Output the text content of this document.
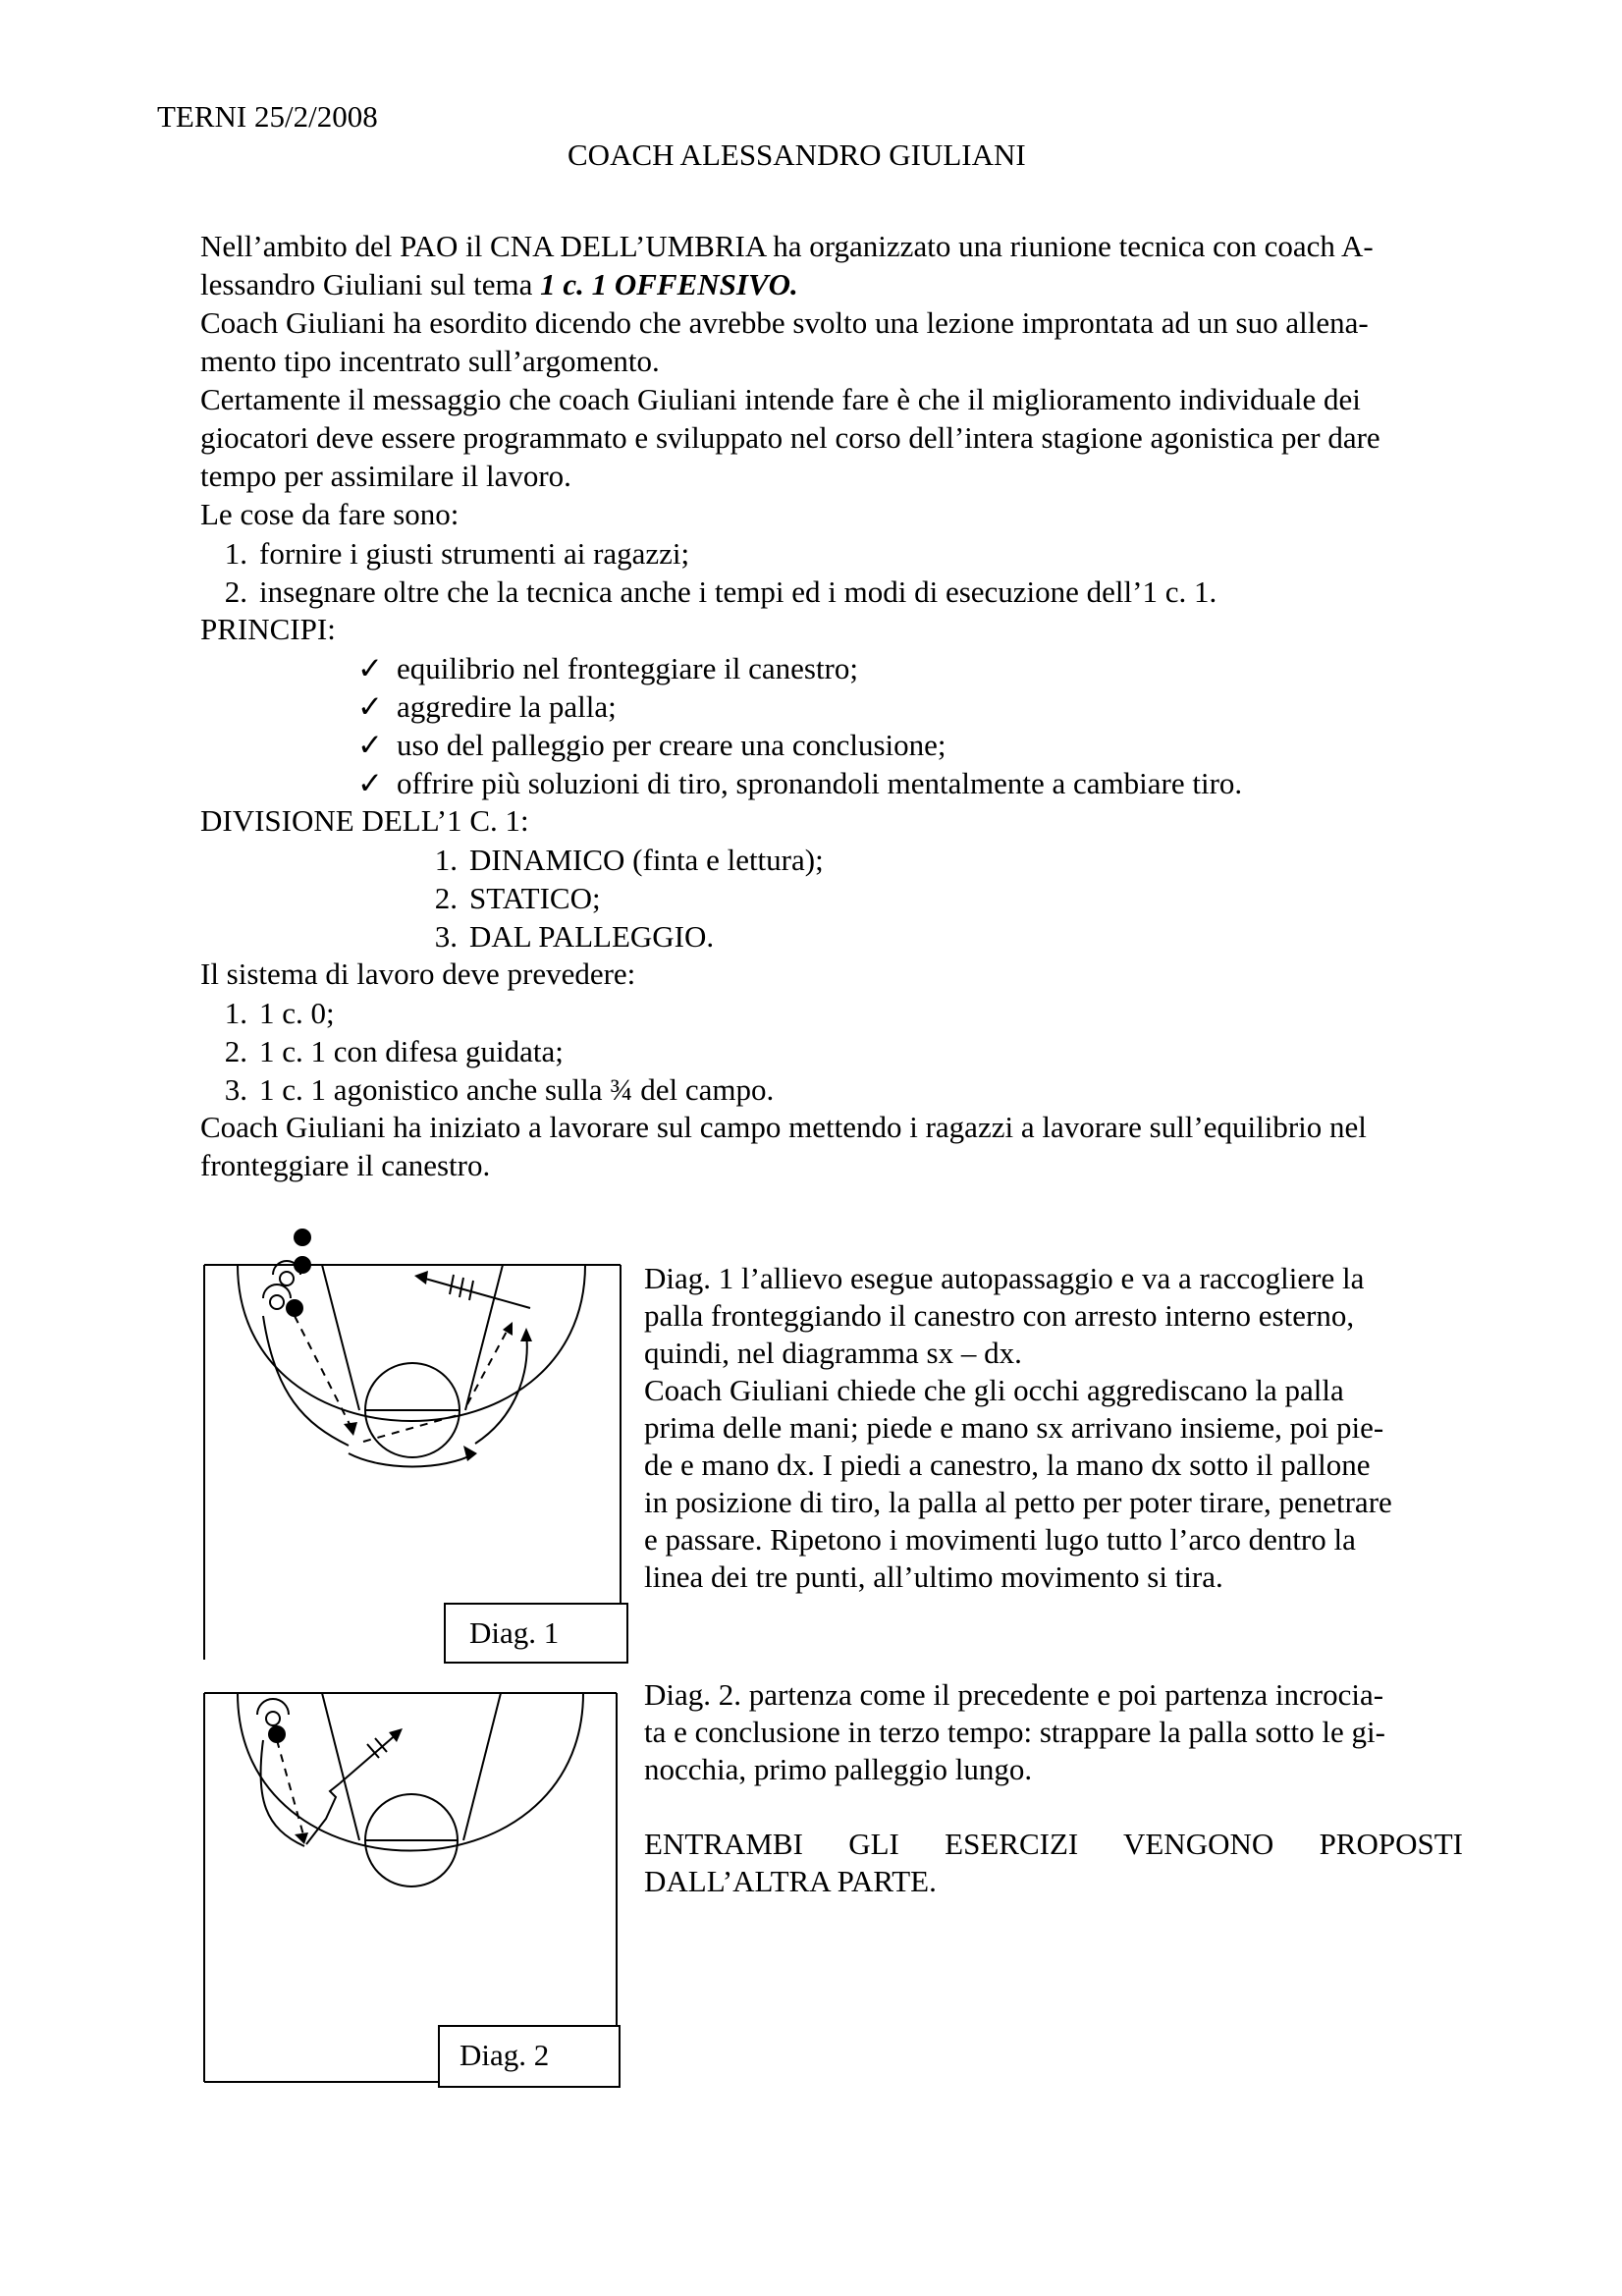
TERNI 25/2/2008
COACH ALESSANDRO GIULIANI
Nell’ambito del PAO il CNA DELL’UMBRIA ha organizzato una riunione tecnica con coach A-
lessandro Giuliani sul tema 1 c. 1 OFFENSIVO.
Coach Giuliani ha esordito dicendo che avrebbe svolto una lezione improntata ad un suo allena-
mento tipo incentrato sull’argomento.
Certamente il messaggio che coach Giuliani intende fare è che il miglioramento individuale dei
giocatori deve essere programmato e sviluppato nel corso dell’intera stagione agonistica per dare
tempo per assimilare il lavoro.
Le cose da fare sono:
1. fornire i giusti strumenti ai ragazzi;
2. insegnare oltre che la tecnica anche i tempi ed i modi di esecuzione dell’1 c. 1.
PRINCIPI:
✓ equilibrio nel fronteggiare il canestro;
✓ aggredire la palla;
✓ uso del palleggio per creare una conclusione;
✓ offrire più soluzioni di tiro, spronandoli mentalmente a cambiare tiro.
DIVISIONE DELL’1 C. 1:
1. DINAMICO (finta e lettura);
2. STATICO;
3. DAL PALLEGGIO.
Il sistema di lavoro deve prevedere:
1. 1 c. 0;
2. 1 c. 1 con difesa guidata;
3. 1 c. 1 agonistico anche sulla ¾ del campo.
Coach Giuliani ha iniziato a lavorare sul campo mettendo i ragazzi a lavorare sull’equilibrio nel
fronteggiare il canestro.
Diag. 1
Diag. 1 l’allievo esegue autopassaggio e va a raccogliere la
palla fronteggiando il canestro con arresto interno esterno,
quindi, nel diagramma sx – dx.
Coach Giuliani chiede che gli occhi aggrediscano la palla
prima delle mani; piede e mano sx arrivano insieme, poi pie-
de e mano dx. I piedi a canestro, la mano dx sotto il pallone
in posizione di tiro, la palla al petto per poter tirare, penetrare
e passare. Ripetono i movimenti lugo tutto l’arco dentro la
linea dei tre punti, all’ultimo movimento si tira.
Diag. 2
Diag. 2. partenza come il precedente e poi partenza incrocia-
ta e conclusione in terzo tempo: strappare la palla sotto le gi-
nocchia, primo palleggio lungo.
ENTRAMBI GLI ESERCIZI VENGONO PROPOSTI
DALL’ALTRA PARTE.
